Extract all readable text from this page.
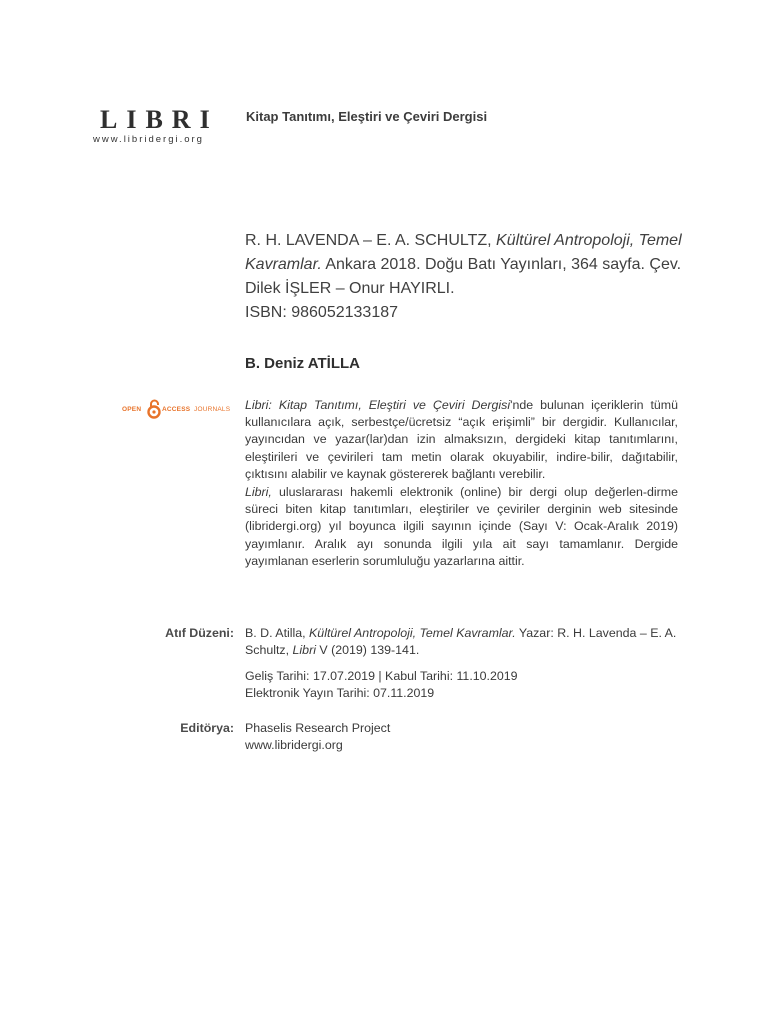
LIBRI
www.libridergi.org
Kitap Tanıtımı, Eleştiri ve Çeviri Dergisi
R. H. LAVENDA – E. A. SCHULTZ, Kültürel Antropoloji, Temel Kavramlar. Ankara 2018. Doğu Batı Yayınları, 364 sayfa. Çev. Dilek İŞLER – Onur HAYIRLI.
ISBN: 986052133187
B. Deniz ATİLLA
OPEN	ACCESS JOURNALS Libri: Kitap Tanıtımı, Eleştiri ve Çeviri Dergisi'nde bulunan içeriklerin tümü kullanıcılara açık, serbestçe/ücretsiz “açık erişimli” bir dergidir. Kullanıcılar, yayıncıdan ve yazar(lar)dan izin almaksızın, dergideki kitap tanıtımlarını, eleştirileri ve çevirileri tam metin olarak okuyabilir, indire-bilir, dağıtabilir, çıktısını alabilir ve kaynak göstererek bağlantı verebilir.

Libri, uluslararası hakemli elektronik (online) bir dergi olup değerlen-dirme süreci biten kitap tanıtımları, eleştiriler ve çeviriler derginin web sitesinde (libridergi.org) yıl boyunca ilgili sayının içinde (Sayı V: Ocak-Aralık 2019) yayımlanır. Aralık ayı sonunda ilgili yıla ait sayı tamamlanır. Dergide yayımlanan eserlerin sorumluluğu yazarlarına aittir.

Atıf Düzeni: B. D. Atilla, Kültürel Antropoloji, Temel Kavramlar. Yazar: R. H. Lavenda – E. A. Schultz, Libri V (2019) 139-141.
Geliş Tarihi: 17.07.2019 | Kabul Tarihi: 11.10.2019
Elektronik Yayın Tarihi: 07.11.2019
Editörya: Phaselis Research Project
www.libridergi.org
